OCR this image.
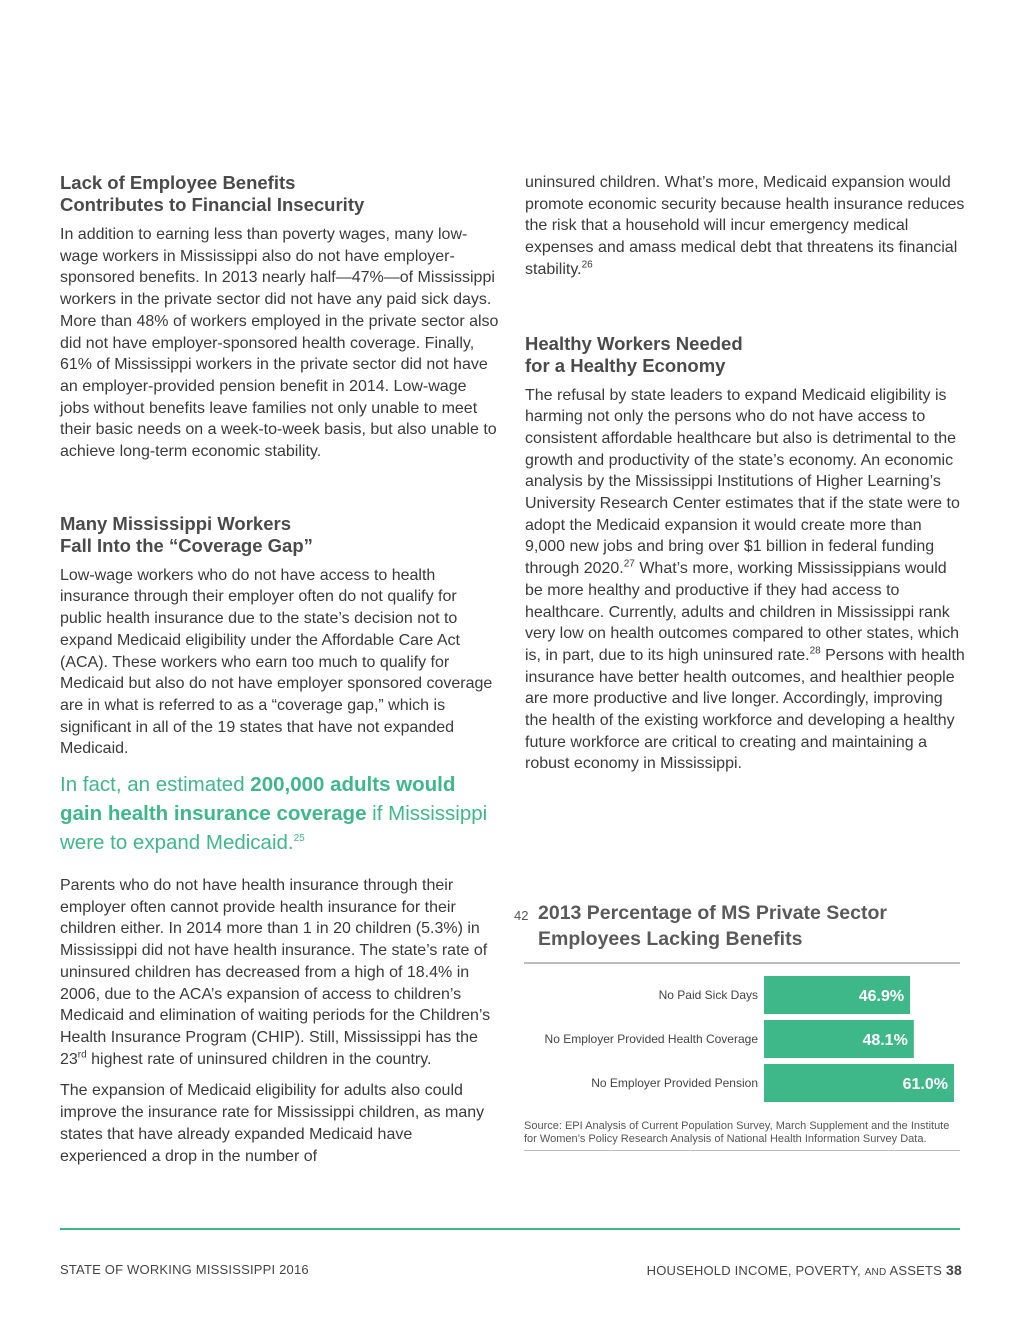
Lack of Employee Benefits
Contributes to Financial Insecurity

In addition to earning less than poverty wages, many low-wage workers in Mississippi also do not have employer-sponsored benefits. In 2013 nearly half—47%—of Mississippi workers in the private sector did not have any paid sick days. More than 48% of workers employed in the private sector also did not have employer-sponsored health coverage. Finally, 61% of Mississippi workers in the private sector did not have an employer-provided pension benefit in 2014. Low-wage jobs without benefits leave families not only unable to meet their basic needs on a week-to-week basis, but also unable to achieve long-term economic stability.

Many Mississippi Workers
Fall Into the “Coverage Gap”

Low-wage workers who do not have access to health insurance through their employer often do not qualify for public health insurance due to the state’s decision not to expand Medicaid eligibility under the Affordable Care Act (ACA). These workers who earn too much to qualify for Medicaid but also do not have employer sponsored coverage are in what is referred to as a “coverage gap,” which is significant in all of the 19 states that have not expanded Medicaid.

In fact, an estimated 200,000 adults would gain health insurance coverage if Mississippi were to expand Medicaid.$^{25}$

Parents who do not have health insurance through their employer often cannot provide health insurance for their children either. In 2014 more than 1 in 20 children (5.3%) in Mississippi did not have health insurance. The state’s rate of uninsured children has decreased from a high of 18.4% in 2006, due to the ACA’s expansion of access to children’s Medicaid and elimination of waiting periods for the Children’s Health Insurance Program (CHIP). Still, Mississippi has the 23rd highest rate of uninsured children in the country.

The expansion of Medicaid eligibility for adults also could improve the insurance rate for Mississippi children, as many states that have already expanded Medicaid have experienced a drop in the number of

uninsured children. What’s more, Medicaid expansion would promote economic security because health insurance reduces the risk that a household will incur emergency medical expenses and amass medical debt that threatens its financial stability.$^{26}$

Healthy Workers Needed
for a Healthy Economy

The refusal by state leaders to expand Medicaid eligibility is harming not only the persons who do not have access to consistent affordable healthcare but also is detrimental to the growth and productivity of the state’s economy. An economic analysis by the Mississippi Institutions of Higher Learning’s University Research Center estimates that if the state were to adopt the Medicaid expansion it would create more than 9,000 new jobs and bring over $1 billion in federal funding through 2020.27 What’s more, working Mississippians would be more healthy and productive if they had access to healthcare. Currently, adults and children in Mississippi rank very low on health outcomes compared to other states, which is, in part, due to its high uninsured rate.$^{28}$ Persons with health insurance have better health outcomes, and healthier people are more productive and live longer. Accordingly, improving the health of the existing workforce and developing a healthy future workforce are critical to creating and maintaining a robust economy in Mississippi.

42 2013 Percentage of MS Private Sector Employees Lacking Benefits
No Paid Sick Days	46.9%
No Employer Provided Health Coverage	48.1%
No Employer Provided Pension	61.0%
Source: EPI Analysis of Current Population Survey, March Supplement and the Institute for Women’s Policy Research Analysis of National Health Information Survey Data.
STATE OF WORKING MISSISSIPPI 2016	HOUSEHOLD INCOME, POVERTY, AND ASSETS 38
